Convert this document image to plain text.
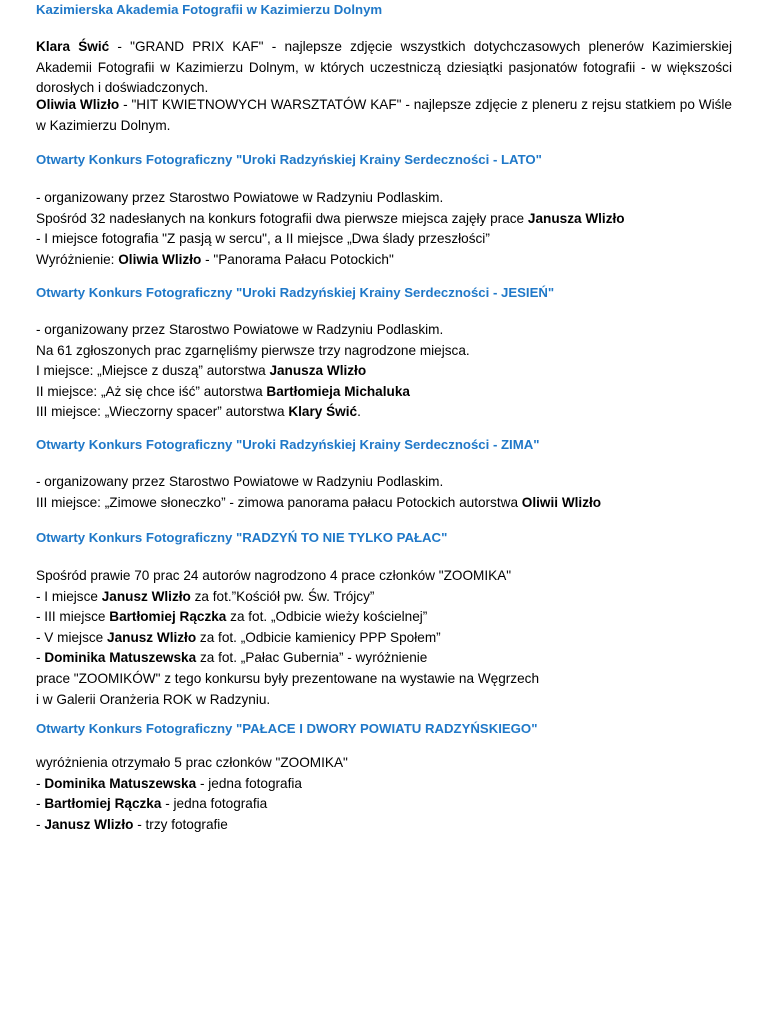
Kazimierska Akademia Fotografii w Kazimierzu Dolnym

Klara Świć - "GRAND PRIX KAF" - najlepsze zdjęcie wszystkich dotychczasowych plenerów Kazimierskiej Akademii Fotografii w Kazimierzu Dolnym, w których uczestniczą dziesiątki pasjonatów fotografii - w większości dorosłych i doświadczonych.

Oliwia Wlizło - "HIT KWIETNOWYCH WARSZTATÓW KAF" - najlepsze zdjęcie z pleneru z rejsu statkiem po Wiśle w Kazimierzu Dolnym.

Otwarty Konkurs Fotograficzny "Uroki Radzyńskiej Krainy Serdeczności - LATO"

- organizowany przez Starostwo Powiatowe w Radzyniu Podlaskim.

Spośród 32 nadesłanych na konkurs fotografii dwa pierwsze miejsca zajęły prace Janusza Wlizło

- I miejsce fotografia "Z pasją w sercu", a II miejsce „Dwa ślady przeszłości”

Wyróżnienie: Oliwia Wlizło - "Panorama Pałacu Potockich"

Otwarty Konkurs Fotograficzny "Uroki Radzyńskiej Krainy Serdeczności - JESIEŃ"

- organizowany przez Starostwo Powiatowe w Radzyniu Podlaskim.

Na 61 zgłoszonych prac zgarnęliśmy pierwsze trzy nagrodzone miejsca.

I miejsce: „Miejsce z duszą” autorstwa Janusza Wlizło

II miejsce: „Aż się chce iść” autorstwa Bartłomieja Michaluka

III miejsce: „Wieczorny spacer” autorstwa Klary Świć.

Otwarty Konkurs Fotograficzny "Uroki Radzyńskiej Krainy Serdeczności - ZIMA"

- organizowany przez Starostwo Powiatowe w Radzyniu Podlaskim.

III miejsce: „Zimowe słoneczko” - zimowa panorama pałacu Potockich autorstwa Oliwii Wlizło

Otwarty Konkurs Fotograficzny "RADZYŃ TO NIE TYLKO PAŁAC"

Spośród prawie 70 prac 24 autorów nagrodzono 4 prace członków "ZOOMIKA"

- I miejsce Janusz Wlizło za fot.”Kościół pw. Św. Trójcy”

- III miejsce Bartłomiej Rączka za fot. „Odbicie wieży kościelnej”

- V miejsce Janusz Wlizło za fot. „Odbicie kamienicy PPP Społem”

- Dominika Matuszewska za fot. „Pałac Gubernia” - wyróżnienie

prace "ZOOMIKÓW" z tego konkursu były prezentowane na wystawie na Węgrzech

i w Galerii Oranżeria ROK w Radzyniu.

Otwarty Konkurs Fotograficzny "PAŁACE I DWORY POWIATU RADZYŃSKIEGO"

wyróżnienia otrzymało 5 prac członków "ZOOMIKA"

- Dominika Matuszewska - jedna fotografia

- Bartłomiej Rączka - jedna fotografia

- Janusz Wlizło - trzy fotografie
